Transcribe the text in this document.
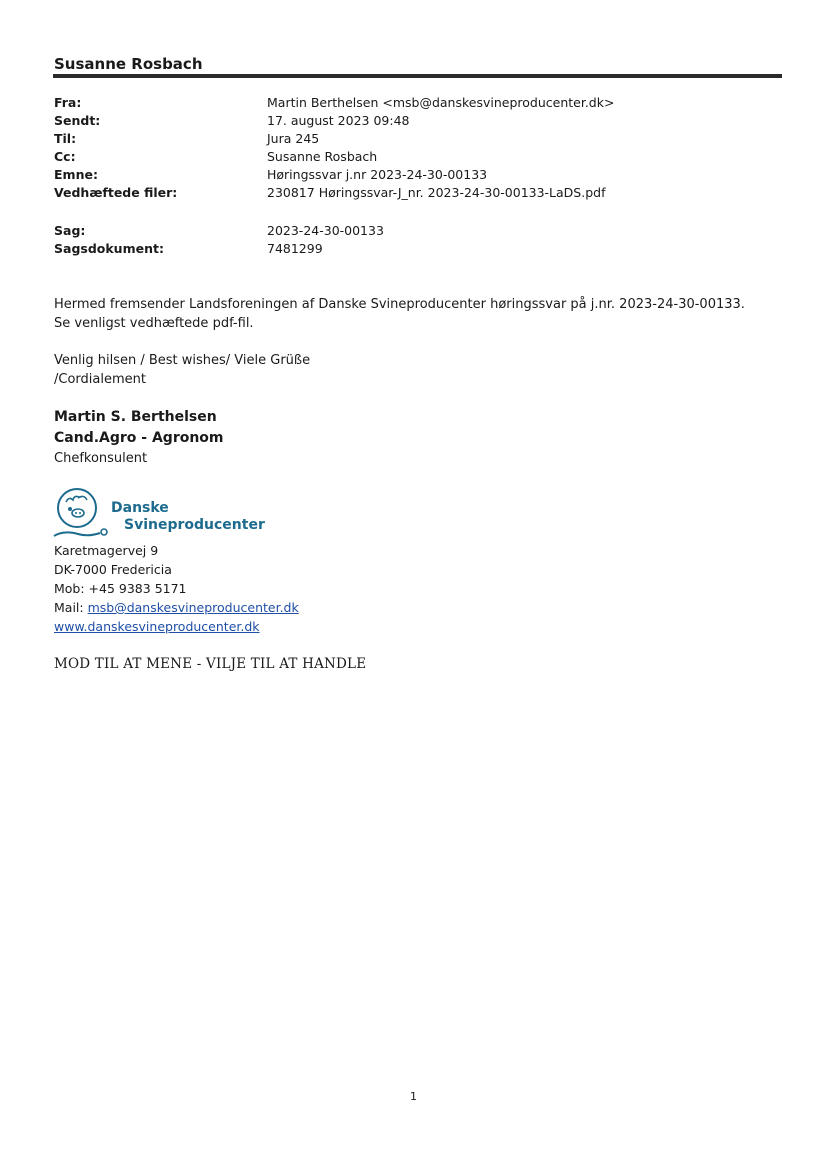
Susanne Rosbach
Fra:	Martin Berthelsen <msb@danskesvineproducenter.dk>
Sendt:	17. august 2023 09:48
Til:	Jura 245
Cc:	Susanne Rosbach
Emne:	Høringssvar j.nr 2023-24-30-00133
Vedhæftede filer:	230817 Høringssvar-J_nr. 2023-24-30-00133-LaDS.pdf
Sag:	2023-24-30-00133
Sagsdokument:	7481299
Hermed fremsender Landsforeningen af Danske Svineproducenter høringssvar på j.nr. 2023-24-30-00133.
Se venligst vedhæftede pdf-fil.
Venlig hilsen / Best wishes/ Viele Grüße
/Cordialement
Martin S. Berthelsen
Cand.Agro - Agronom
Chefkonsulent
Danske
Svineproducenter
Karetmagervej 9
DK-7000 Fredericia
Mob: +45 9383 5171
Mail: msb@danskesvineproducenter.dk
www.danskesvineproducenter.dk
MOD TIL AT MENE - VILJE TIL AT HANDLE
1
